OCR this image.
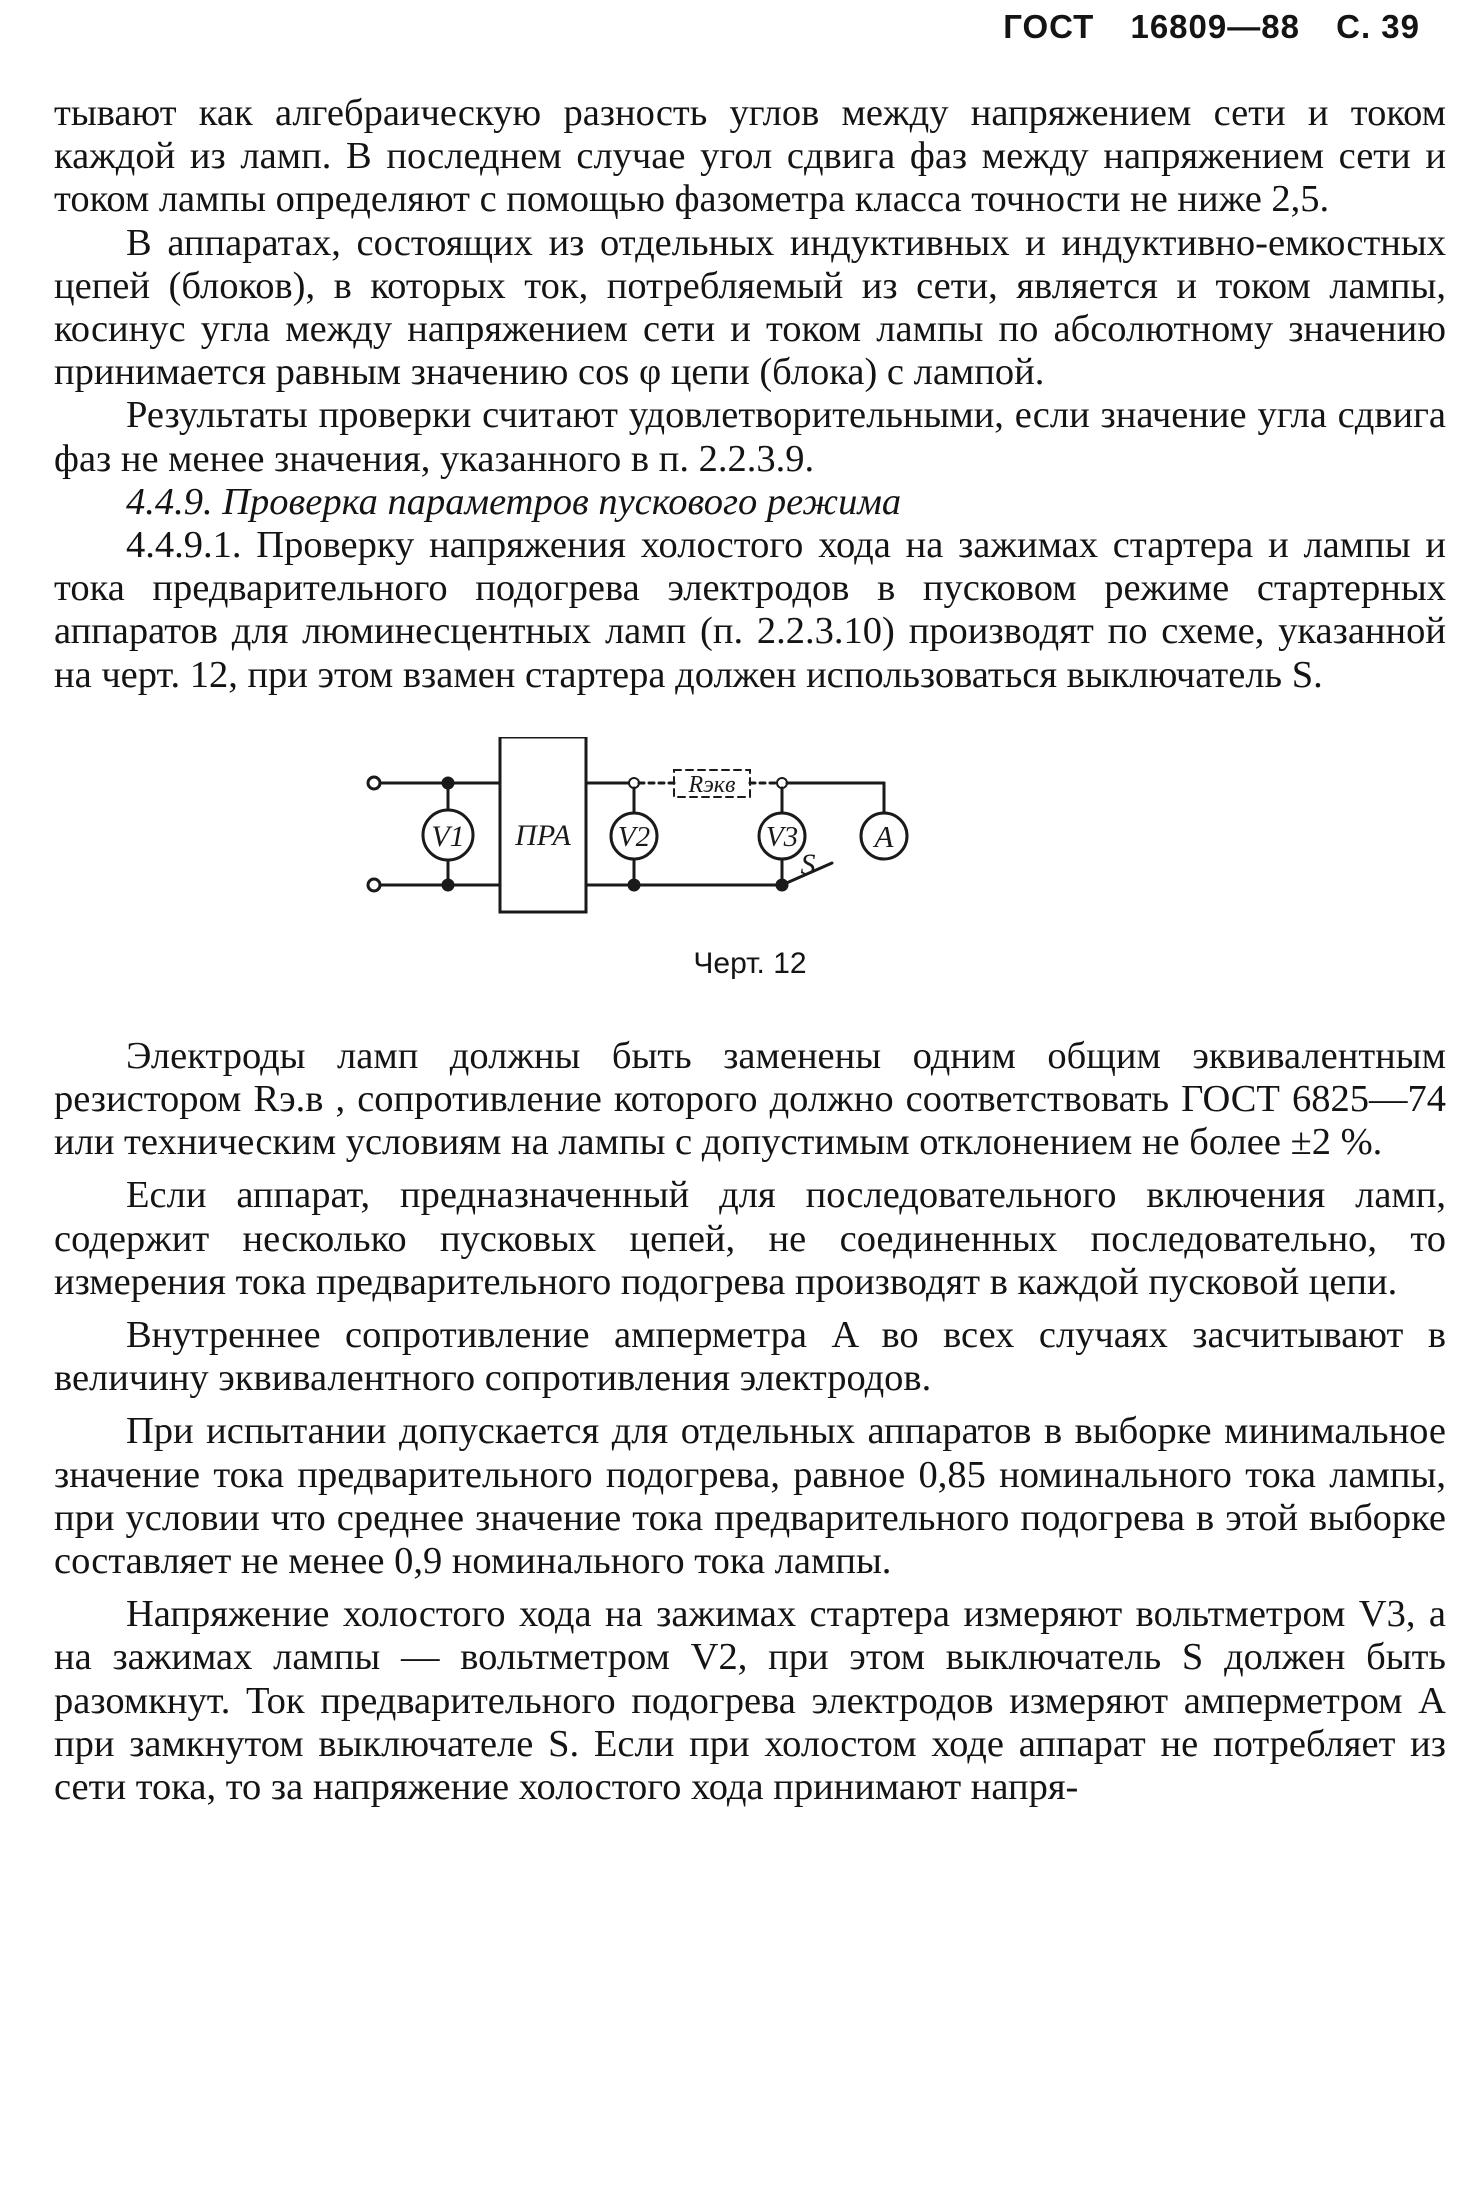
ГОСТ 16809—88 С. 39

тывают как алгебраическую разность углов между напряжением сети и током каждой из ламп. В последнем случае угол сдвига фаз между напряжением сети и током лампы определяют с помощью фазометра класса точности не ниже 2,5.

В аппаратах, состоящих из отдельных индуктивных и индуктивно-емкостных цепей (блоков), в которых ток, потребляемый из сети, является и током лампы, косинус угла между напряжением сети и током лампы по абсолютному значению принимается равным значению cos φ цепи (блока) с лампой.

Результаты проверки считают удовлетворительными, если значение угла сдвига фаз не менее значения, указанного в п. 2.2.3.9.

4.4.9. Проверка параметров пускового режима

4.4.9.1. Проверку напряжения холостого хода на зажимах стартера и лампы и тока предварительного подогрева электродов в пусковом режиме стартерных аппаратов для люминесцентных ламп (п. 2.2.3.10) производят по схеме, указанной на черт. 12, при этом взамен стартера должен использоваться выключатель S.

V1 ПРА V2
Rэкв
V3 A
S
Черт. 12

Электроды ламп должны быть заменены одним общим эквивалентным резистором Rэ.в , сопротивление которого должно соответствовать ГОСТ 6825—74 или техническим условиям на лампы с допустимым отклонением не более ±2 %.

Если аппарат, предназначенный для последовательного включения ламп, содержит несколько пусковых цепей, не соединенных последовательно, то измерения тока предварительного подогрева производят в каждой пусковой цепи.

Внутреннее сопротивление амперметра A во всех случаях засчитывают в величину эквивалентного сопротивления электродов.

При испытании допускается для отдельных аппаратов в выборке минимальное значение тока предварительного подогрева, равное 0,85 номинального тока лампы, при условии что среднее значение тока предварительного подогрева в этой выборке составляет не менее 0,9 номинального тока лампы.

Напряжение холостого хода на зажимах стартера измеряют вольтметром V3, а на зажимах лампы — вольтметром V2, при этом выключатель S должен быть разомкнут. Ток предварительного подогрева электродов измеряют амперметром A при замкнутом выключателе S. Если при холостом ходе аппарат не потребляет из сети тока, то за напряжение холостого хода принимают напря-
